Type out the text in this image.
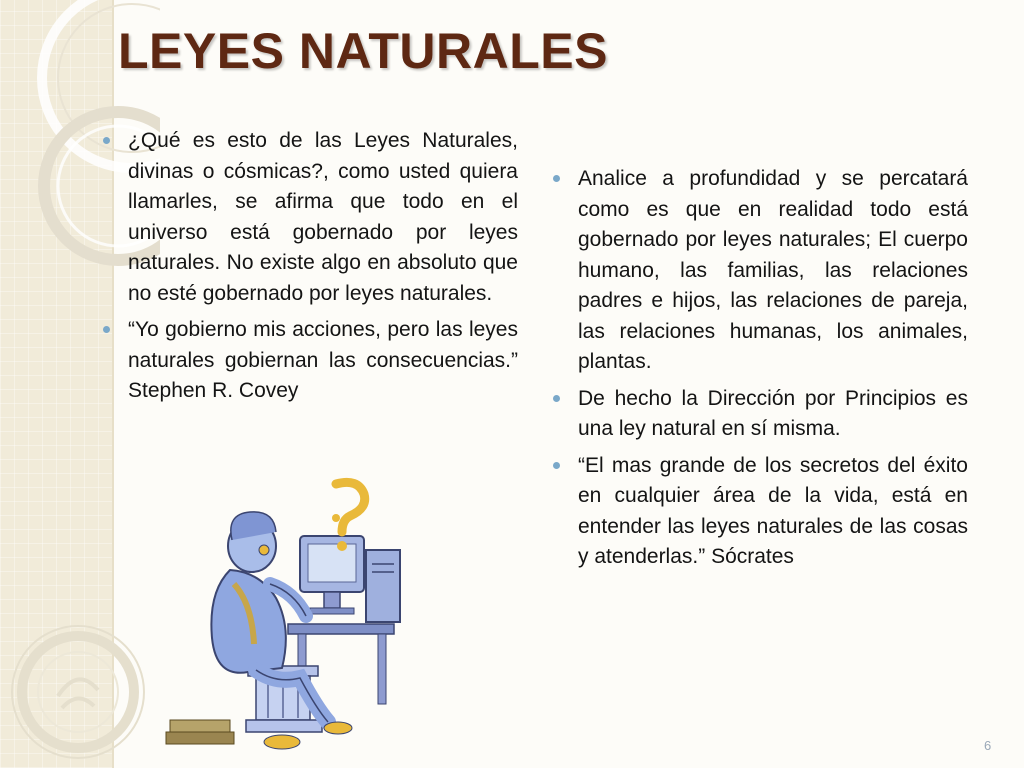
LEYES NATURALES
¿Qué es esto de las Leyes Naturales, divinas o cósmicas?, como usted quiera llamarles, se afirma que todo en el universo está gobernado por leyes naturales. No existe algo en absoluto que no esté gobernado por leyes naturales.
“Yo gobierno mis acciones, pero las leyes naturales gobiernan las consecuencias.” Stephen R. Covey
Analice a profundidad y se percatará como es que en realidad todo está gobernado por leyes naturales; El cuerpo humano, las familias, las relaciones padres e hijos, las relaciones de pareja, las relaciones humanas, los animales, plantas.
De hecho la Dirección por Principios es una ley natural en sí misma.
“El mas grande de los secretos del éxito en cualquier área de la vida, está en entender las leyes naturales de las cosas y atenderlas.” Sócrates
6
